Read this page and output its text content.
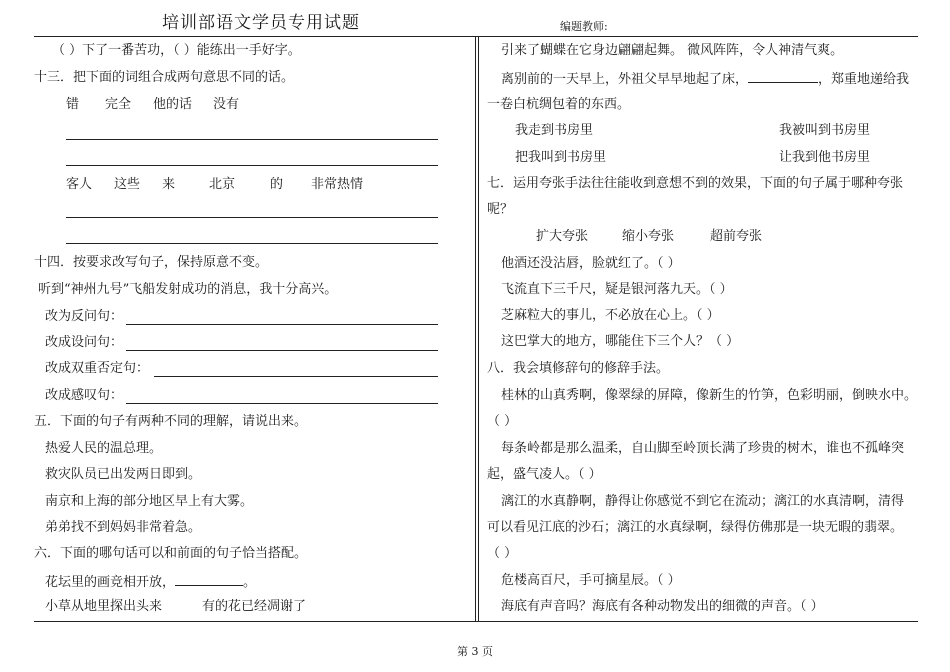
培训部语文学员专用试题	编题教师:
（ ）下了一番苦功，（ ）能练出一手好字。
十三．把下面的词组合成两句意思不同的话。
错 完全 他的话 没有
客人 这些 来	北京	的 非常热情
十四．按要求改写句子，保持原意不变。
听到“神州九号”飞船发射成功的消息，我十分高兴。
改为反问句：
改成设问句：
改成双重否定句：
改成感叹句：
五．下面的句子有两种不同的理解，请说出来。
热爱人民的温总理。
救灾队员已出发两日即到。
南京和上海的部分地区早上有大雾。
弟弟找不到妈妈非常着急。
六．下面的哪句话可以和前面的句子恰当搭配。
花坛里的画竞相开放，	。
小草从地里探出头来	有的花已经凋谢了
引来了蝴蝶在它身边翩翩起舞。 微风阵阵，令人神清气爽。
离别前的一天早上，外祖父早早地起了床，	，郑重地递给我
一卷白杭绸包着的东西。
我走到书房里	我被叫到书房里
把我叫到书房里	让我到他书房里
七．运用夸张手法往往能收到意想不到的效果，下面的句子属于哪种夸张
呢？
扩大夸张	缩小夸张	超前夸张
他酒还没沾唇，脸就红了。（ ）
飞流直下三千尺，疑是银河落九天。（ ）
芝麻粒大的事儿，不必放在心上。（ ）
这巴掌大的地方，哪能住下三个人？（ ）
八．我会填修辞句的修辞手法。
桂林的山真秀啊，像翠绿的屏障，像新生的竹笋，色彩明丽，倒映水中。
（ ）
每条岭都是那么温柔，自山脚至岭顶长满了珍贵的树木，谁也不孤峰突
起，盛气凌人。（ ）
漓江的水真静啊，静得让你感觉不到它在流动；漓江的水真清啊，清得
可以看见江底的沙石；漓江的水真绿啊，绿得仿佛那是一块无暇的翡翠。
（ ）
危楼高百尺，手可摘星辰。（ ）
海底有声音吗？海底有各种动物发出的细微的声音。（ ）
第 3 页
